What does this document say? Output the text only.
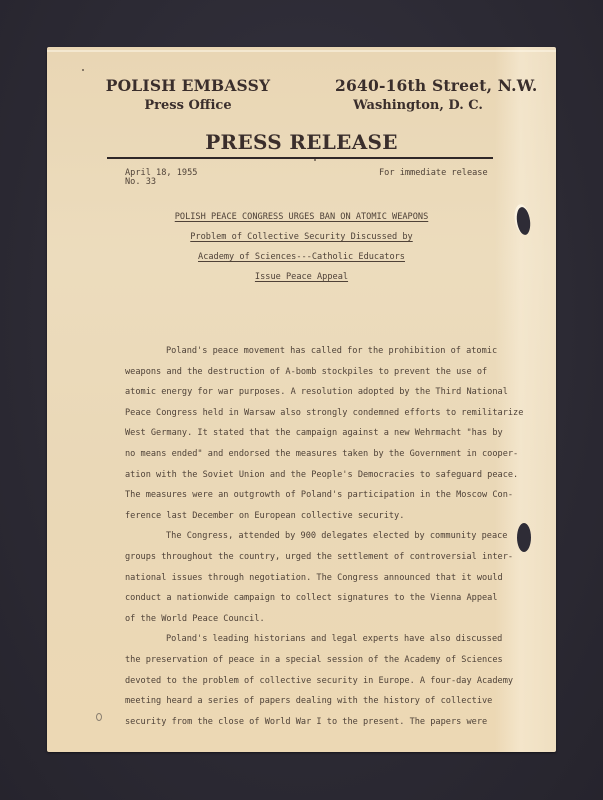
POLISH EMBASSY
Press Office
2640-16th Street, N.W.
Washington, D. C.
PRESS RELEASE
April 18, 1955
No. 33
For immediate release
POLISH PEACE CONGRESS URGES BAN ON ATOMIC WEAPONS
Problem of Collective Security Discussed by
Academy of Sciences---Catholic Educators
Issue Peace Appeal
Poland's peace movement has called for the prohibition of atomic
weapons and the destruction of A-bomb stockpiles to prevent the use of
atomic energy for war purposes. A resolution adopted by the Third National
Peace Congress held in Warsaw also strongly condemned efforts to remilitarize
West Germany. It stated that the campaign against a new Wehrmacht "has by
no means ended" and endorsed the measures taken by the Government in cooper-
ation with the Soviet Union and the People's Democracies to safeguard peace.
The measures were an outgrowth of Poland's participation in the Moscow Con-
ference last December on European collective security.
The Congress, attended by 900 delegates elected by community peace
groups throughout the country, urged the settlement of controversial inter-
national issues through negotiation. The Congress announced that it would
conduct a nationwide campaign to collect signatures to the Vienna Appeal
of the World Peace Council.
Poland's leading historians and legal experts have also discussed
the preservation of peace in a special session of the Academy of Sciences
devoted to the problem of collective security in Europe. A four-day Academy
meeting heard a series of papers dealing with the history of collective
security from the close of World War I to the present. The papers were
